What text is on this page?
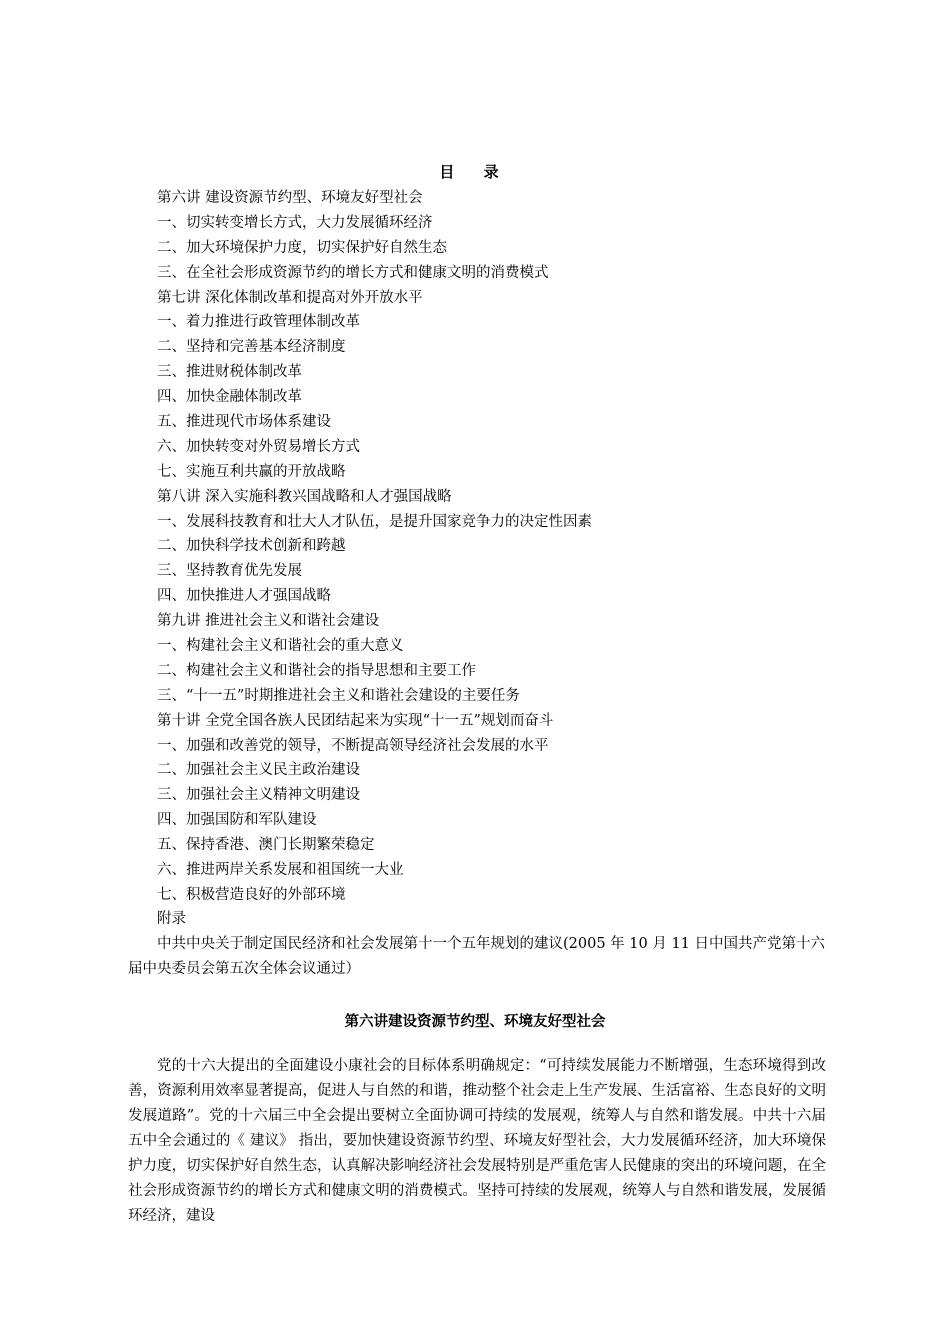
目 录
第六讲 建设资源节约型、环境友好型社会
一、切实转变增长方式，大力发展循环经济
二、加大环境保护力度，切实保护好自然生态
三、在全社会形成资源节约的增长方式和健康文明的消费模式
第七讲 深化体制改革和提高对外开放水平
一、着力推进行政管理体制改革
二、坚持和完善基本经济制度
三、推进财税体制改革
四、加快金融体制改革
五、推进现代市场体系建设
六、加快转变对外贸易增长方式
七、实施互利共赢的开放战略
第八讲 深入实施科教兴国战略和人才强国战略
一、发展科技教育和壮大人才队伍，是提升国家竞争力的决定性因素
二、加快科学技术创新和跨越
三、坚持教育优先发展
四、加快推进人才强国战略
第九讲 推进社会主义和谐社会建设
一、构建社会主义和谐社会的重大意义
二、构建社会主义和谐社会的指导思想和主要工作
三、“十一五”时期推进社会主义和谐社会建设的主要任务
第十讲 全党全国各族人民团结起来为实现“十一五”规划而奋斗
一、加强和改善党的领导，不断提高领导经济社会发展的水平
二、加强社会主义民主政治建设
三、加强社会主义精神文明建设
四、加强国防和军队建设
五、保持香港、澳门长期繁荣稳定
六、推进两岸关系发展和祖国统一大业
七、积极营造良好的外部环境
附录

中共中央关于制定国民经济和社会发展第十一个五年规划的建议(2005 年 10 月 11 日中国共产党第十六届中央委员会第五次全体会议通过）

第六讲建设资源节约型、环境友好型社会

党的十六大提出的全面建设小康社会的目标体系明确规定：“可持续发展能力不断增强，生态环境得到改善，资源利用效率显著提高，促进人与自然的和谐，推动整个社会走上生产发展、生活富裕、生态良好的文明发展道路”。党的十六届三中全会提出要树立全面协调可持续的发展观，统筹人与自然和谐发展。中共十六届五中全会通过的《 建议》 指出，要加快建设资源节约型、环境友好型社会，大力发展循环经济，加大环境保护力度，切实保护好自然生态，认真解决影响经济社会发展特别是严重危害人民健康的突出的环境问题，在全社会形成资源节约的增长方式和健康文明的消费模式。坚持可持续的发展观，统筹人与自然和谐发展，发展循环经济，建设
